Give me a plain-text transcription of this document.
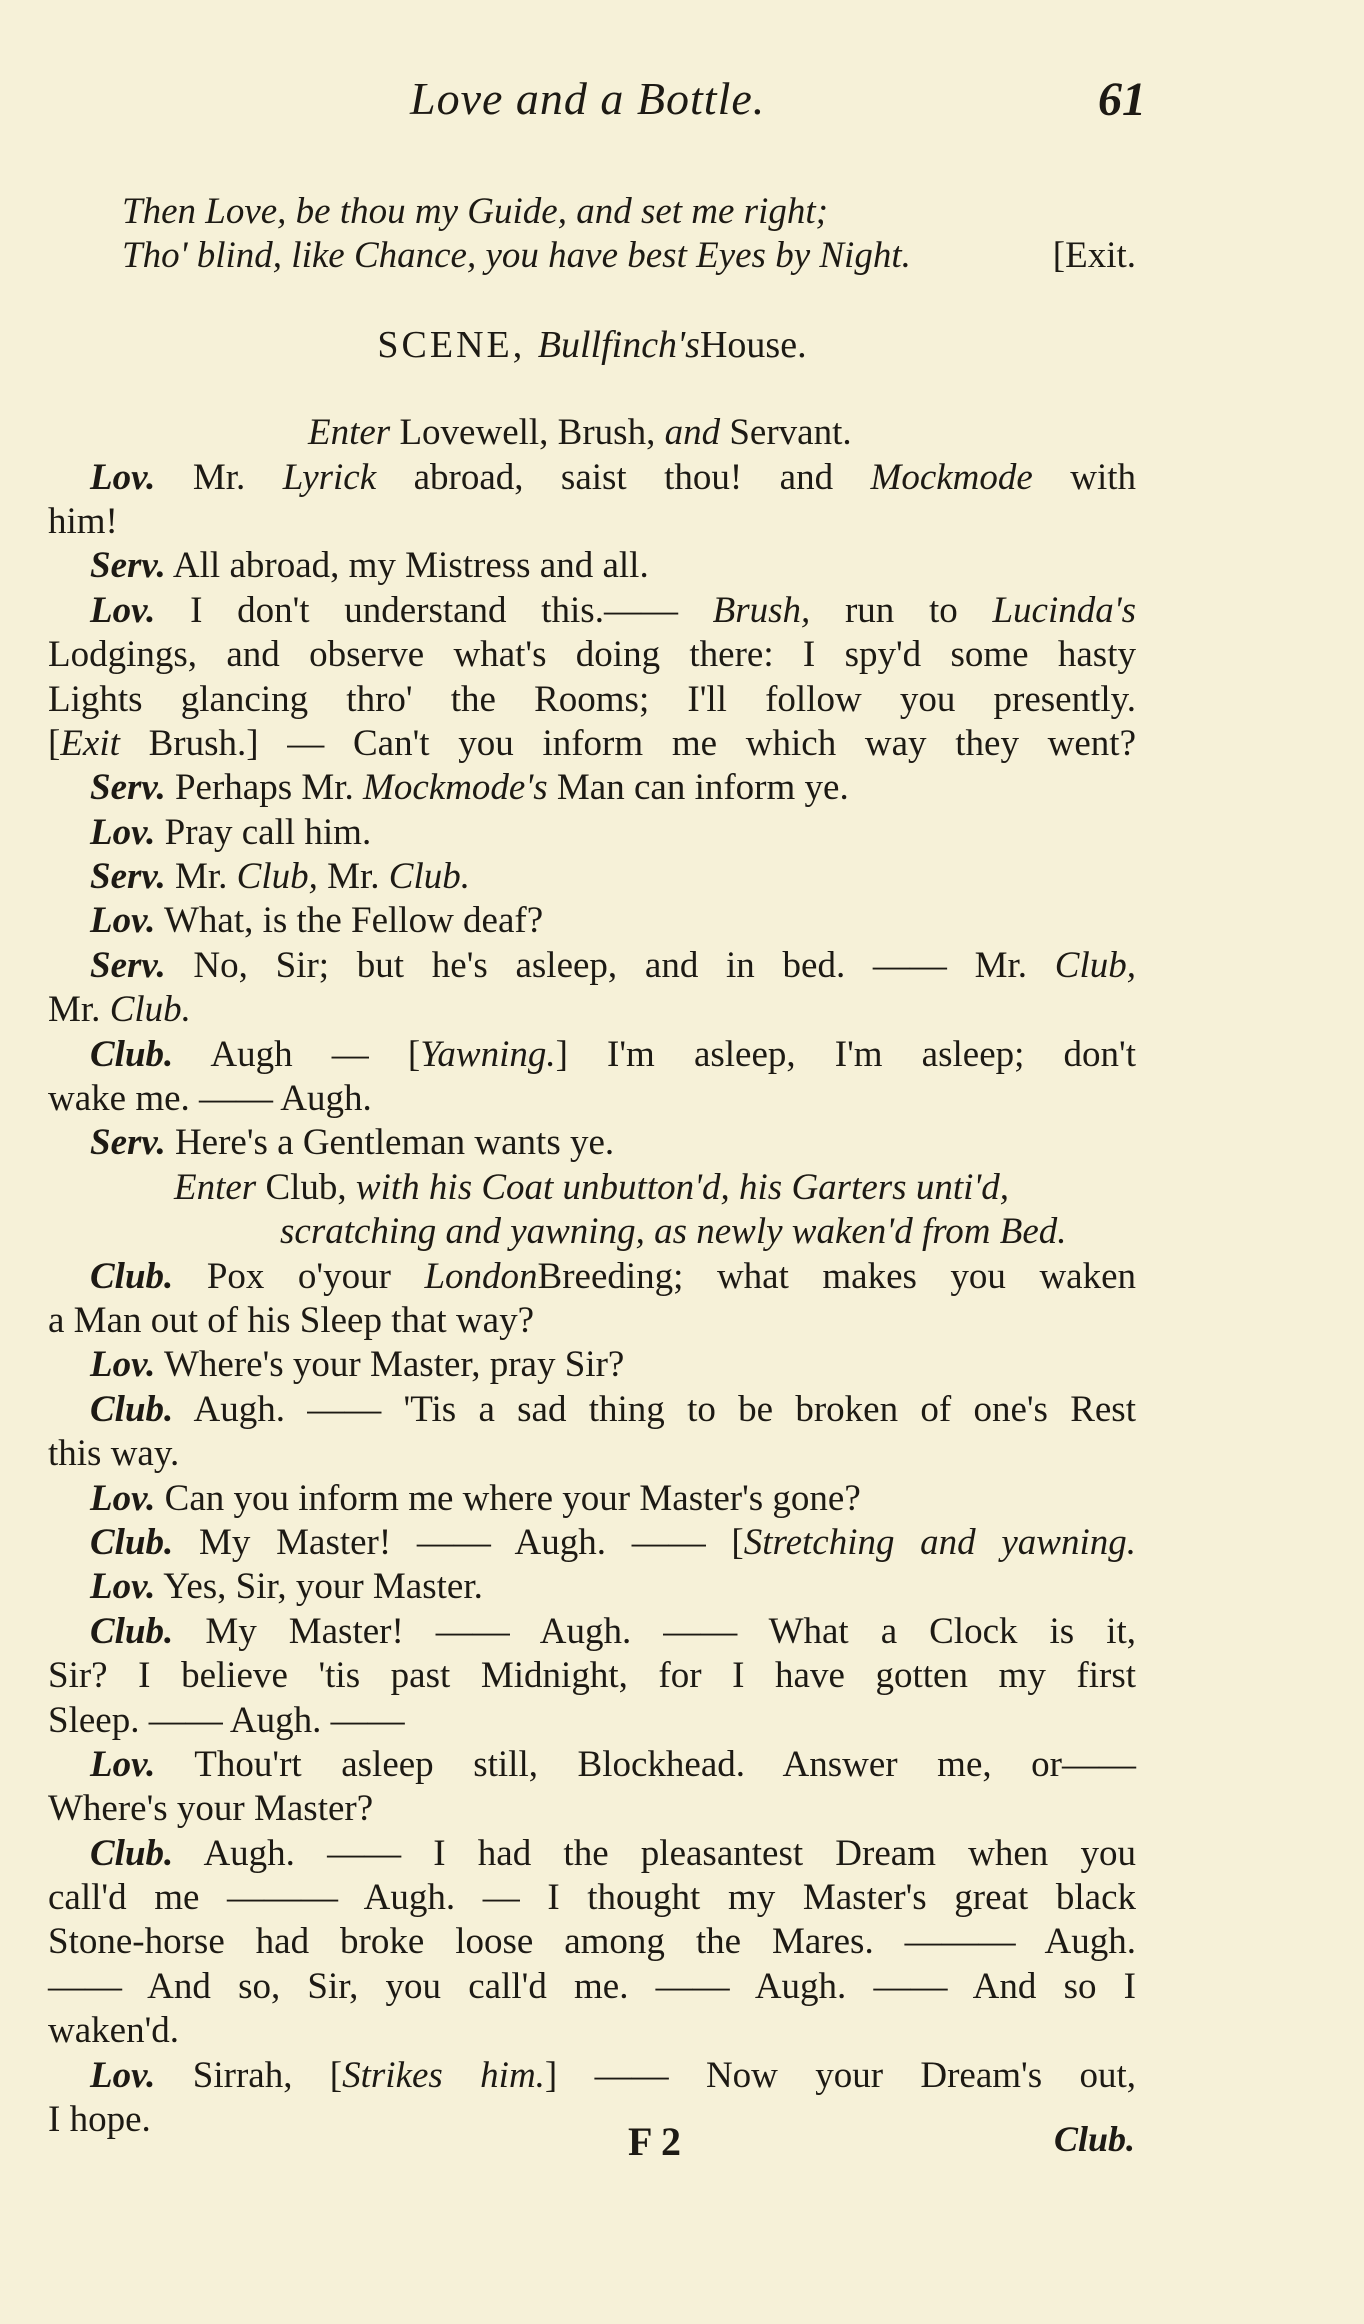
Love and a Bottle.	61
Then Love, be thou my Guide, and set me right;
Tho' blind, like Chance, you have best Eyes by Night.	[Exit.
SCENE, Bullfinch'sHouse.
Enter Lovewell, Brush, and Servant.
Lov. Mr. Lyrick abroad, saist thou! and Mockmode with
him!
Serv. All abroad, my Mistress and all.
Lov. I don't understand this.—— Brush, run to Lucinda's
Lodgings, and observe what's doing there: I spy'd some hasty
Lights glancing thro' the Rooms; I'll follow you presently.
[Exit Brush.] — Can't you inform me which way they went?
Serv. Perhaps Mr. Mockmode's Man can inform ye.
Lov. Pray call him.
Serv. Mr. Club, Mr. Club.
Lov. What, is the Fellow deaf?
Serv. No, Sir; but he's asleep, and in bed. —— Mr. Club,
Mr. Club.
Club. Augh — [Yawning.] I'm asleep, I'm asleep; don't
wake me. —— Augh.
Serv. Here's a Gentleman wants ye.
Enter Club, with his Coat unbutton'd, his Garters unti'd,
scratching and yawning, as newly waken'd from Bed.
Club. Pox o'your LondonBreeding; what makes you waken
a Man out of his Sleep that way?
Lov. Where's your Master, pray Sir?
Club. Augh. —— 'Tis a sad thing to be broken of one's Rest
this way.
Lov. Can you inform me where your Master's gone?
Club. My Master! —— Augh. —— [Stretching and yawning.
Lov. Yes, Sir, your Master.
Club. My Master! —— Augh. —— What a Clock is it,
Sir? I believe 'tis past Midnight, for I have gotten my first
Sleep. —— Augh. ——
Lov. Thou'rt asleep still, Blockhead. Answer me, or——
Where's your Master?
Club. Augh. —— I had the pleasantest Dream when you
call'd me ——— Augh. — I thought my Master's great black
Stone-horse had broke loose among the Mares. ——— Augh.
—— And so, Sir, you call'd me. —— Augh. —— And so I
waken'd.
Lov. Sirrah, [Strikes him.] —— Now your Dream's out,
I hope.	F 2	Club.
